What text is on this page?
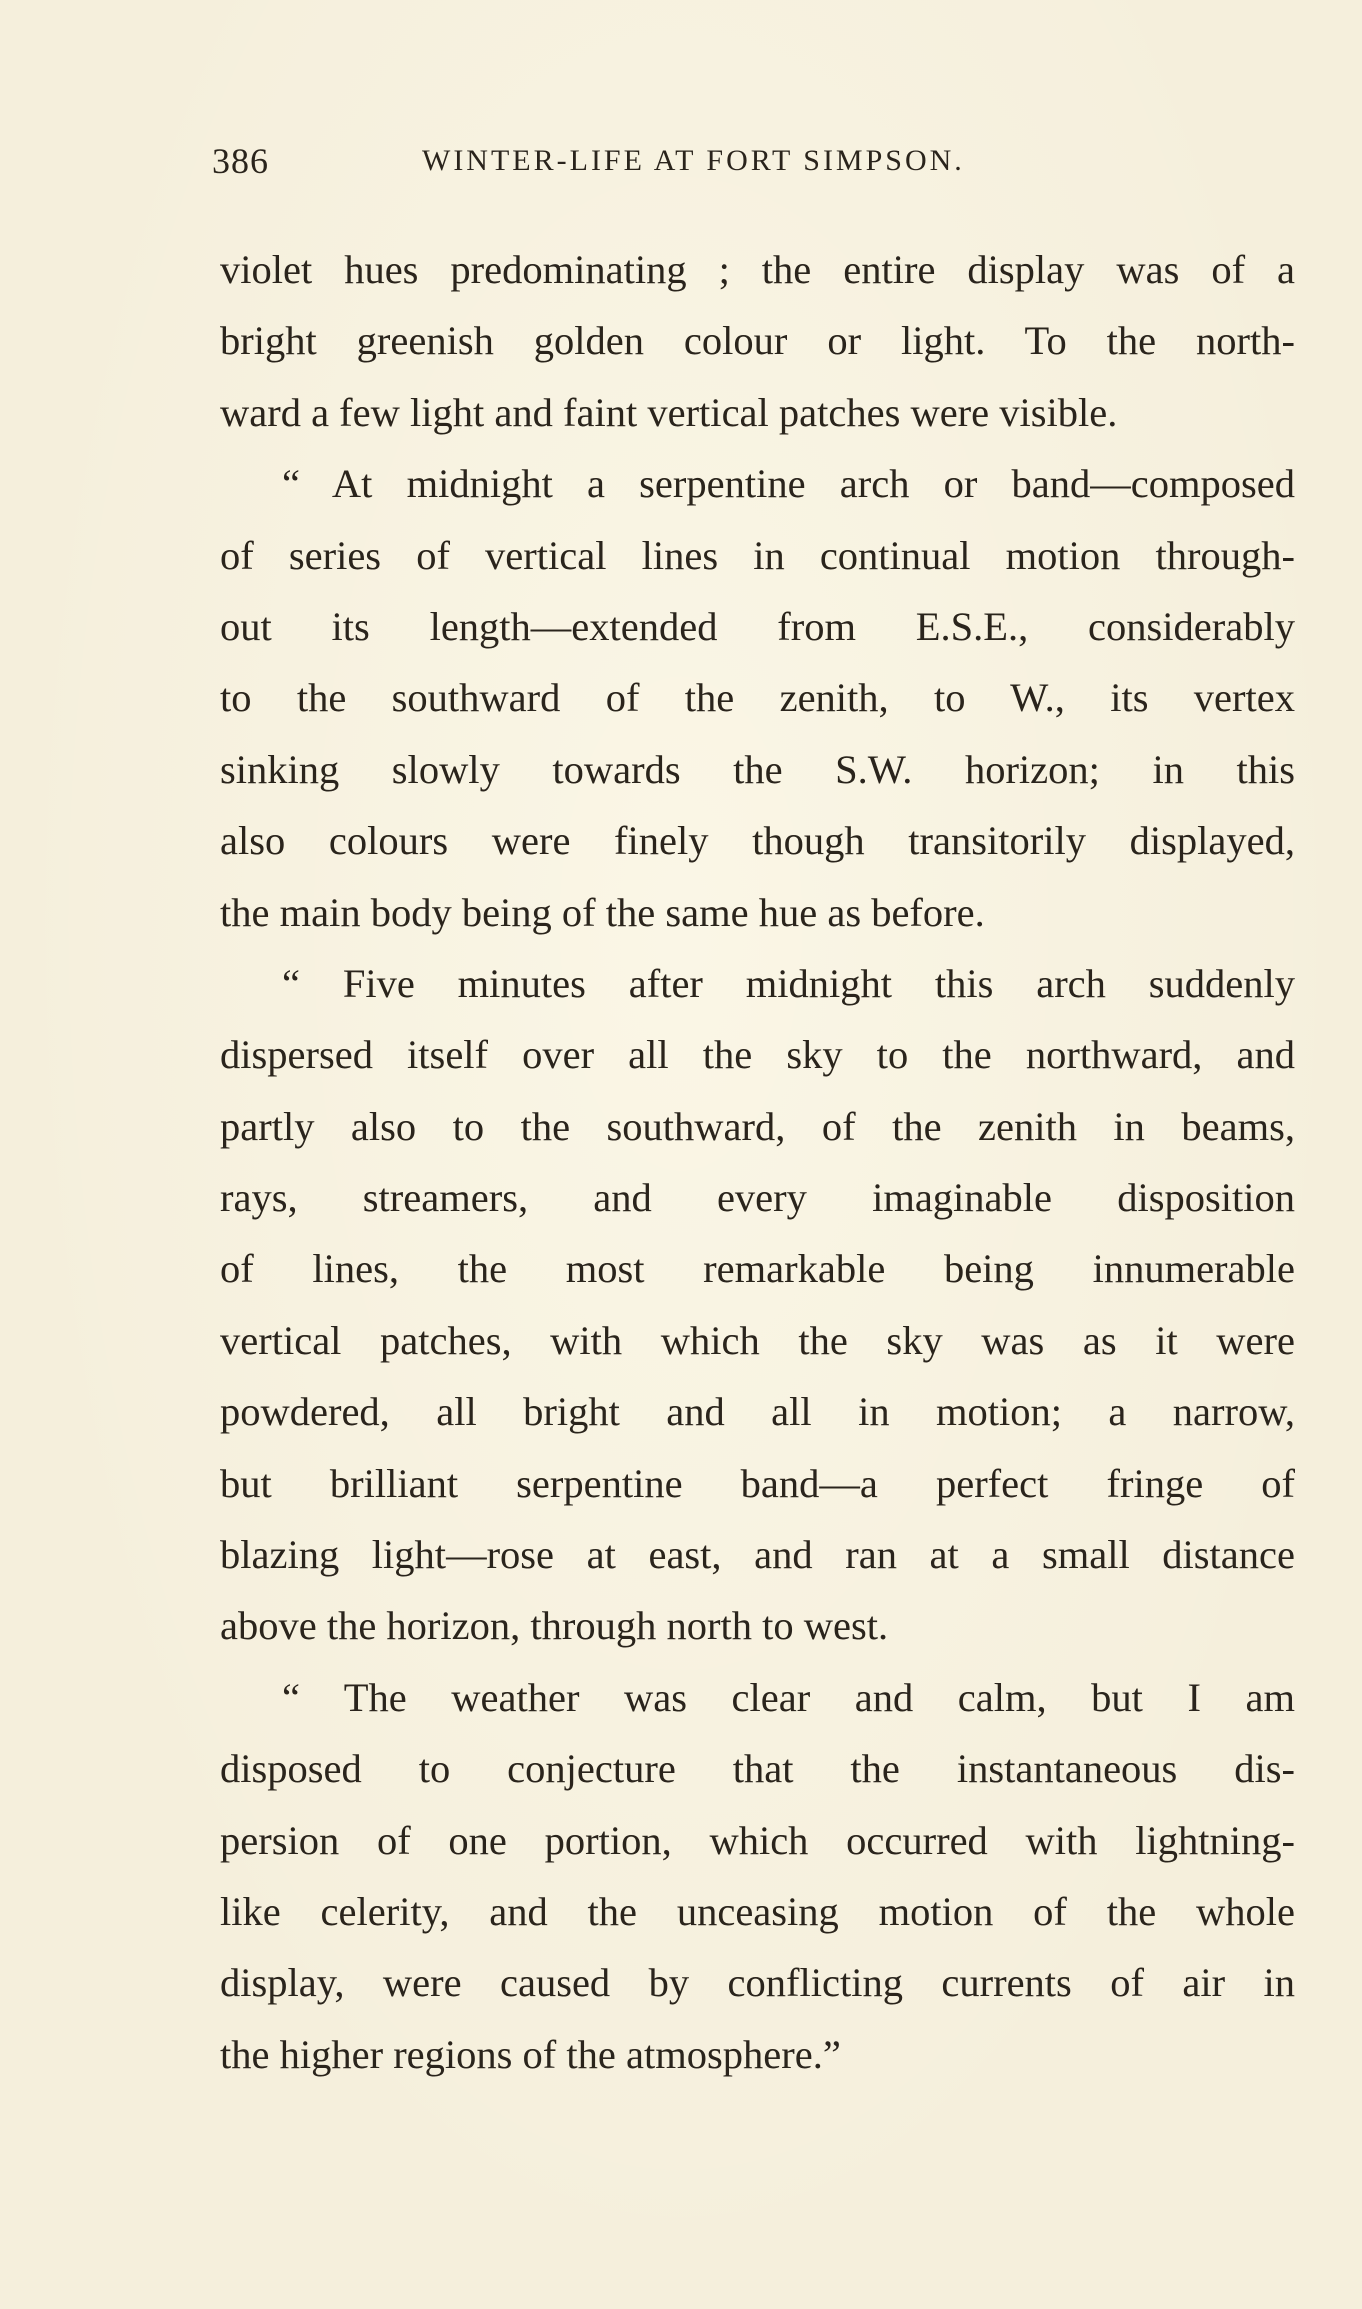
386	WINTER-LIFE AT FORT SIMPSON.
violet hues predominating ; the entire display was of a
bright greenish golden colour or light. To the north-
ward a few light and faint vertical patches were visible.
“ At midnight a serpentine arch or band—composed
of series of vertical lines in continual motion through-
out its length—extended from E.S.E., considerably
to the southward of the zenith, to W., its vertex
sinking slowly towards the S.W. horizon; in this
also colours were finely though transitorily displayed,
the main body being of the same hue as before.
“ Five minutes after midnight this arch suddenly
dispersed itself over all the sky to the northward, and
partly also to the southward, of the zenith in beams,
rays, streamers, and every imaginable disposition
of lines, the most remarkable being innumerable
vertical patches, with which the sky was as it were
powdered, all bright and all in motion; a narrow,
but brilliant serpentine band—a perfect fringe of
blazing light—rose at east, and ran at a small distance
above the horizon, through north to west.
“ The weather was clear and calm, but I am
disposed to conjecture that the instantaneous dis-
persion of one portion, which occurred with lightning-
like celerity, and the unceasing motion of the whole
display, were caused by conflicting currents of air in
the higher regions of the atmosphere.”
